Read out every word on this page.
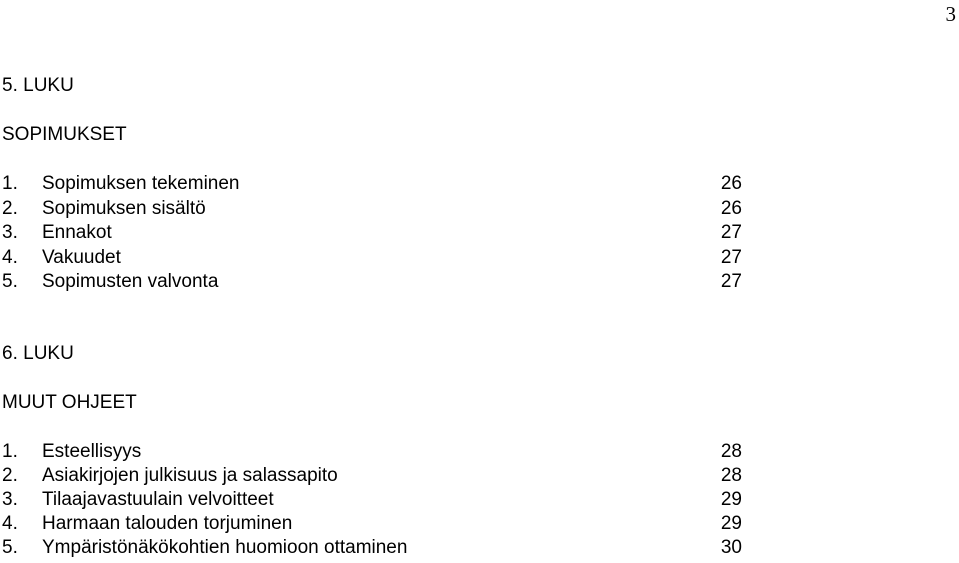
3
5. LUKU
SOPIMUKSET
1.	Sopimuksen tekeminen	26
2.	Sopimuksen sisältö	26
3.	Ennakot	27
4.	Vakuudet	27
5.	Sopimusten valvonta	27
6. LUKU
MUUT OHJEET
1.	Esteellisyys	28
2.	Asiakirjojen julkisuus ja salassapito	28
3.	Tilaajavastuulain velvoitteet	29
4.	Harmaan talouden torjuminen	29
5.	Ympäristönäkökohtien huomioon ottaminen	30
